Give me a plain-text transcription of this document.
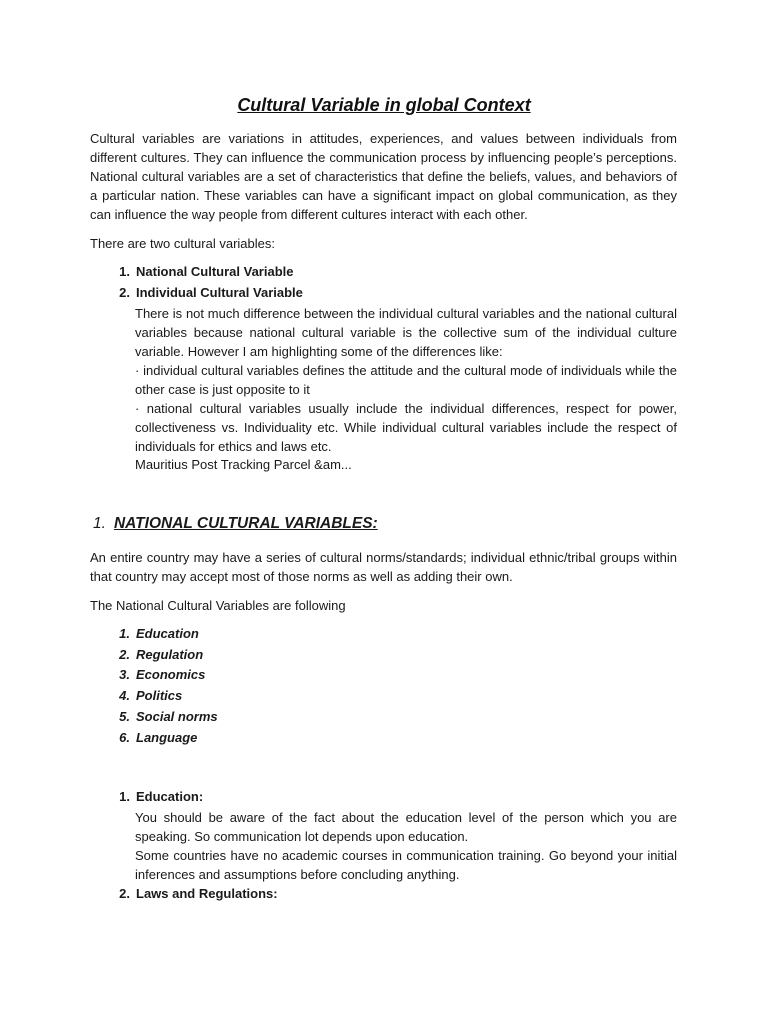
Cultural Variable in global Context

Cultural variables are variations in attitudes, experiences, and values between individuals from different cultures. They can influence the communication process by influencing people’s perceptions. National cultural variables are a set of characteristics that define the beliefs, values, and behaviors of a particular nation. These variables can have a significant impact on global communication, as they can influence the way people from different cultures interact with each other.

There are two cultural variables:

1. National Cultural Variable
2. Individual Cultural Variable

There is not much difference between the individual cultural variables and the national cultural variables because national cultural variable is the collective sum of the individual culture variable. However I am highlighting some of the differences like:

· individual cultural variables defines the attitude and the cultural mode of individuals while the other case is just opposite to it

· national cultural variables usually include the individual differences, respect for power, collectiveness vs. Individuality etc. While individual cultural variables include the respect of individuals for ethics and laws etc.

Mauritius Post Tracking Parcel &am...

1. NATIONAL CULTURAL VARIABLES:

An entire country may have a series of cultural norms/standards; individual ethnic/tribal groups within that country may accept most of those norms as well as adding their own.

The National Cultural Variables are following

1. Education
2. Regulation
3. Economics
4. Politics
5. Social norms
6. Language
1. Education:

You should be aware of the fact about the education level of the person which you are speaking. So communication lot depends upon education.

Some countries have no academic courses in communication training. Go beyond your initial inferences and assumptions before concluding anything.

2. Laws and Regulations:
